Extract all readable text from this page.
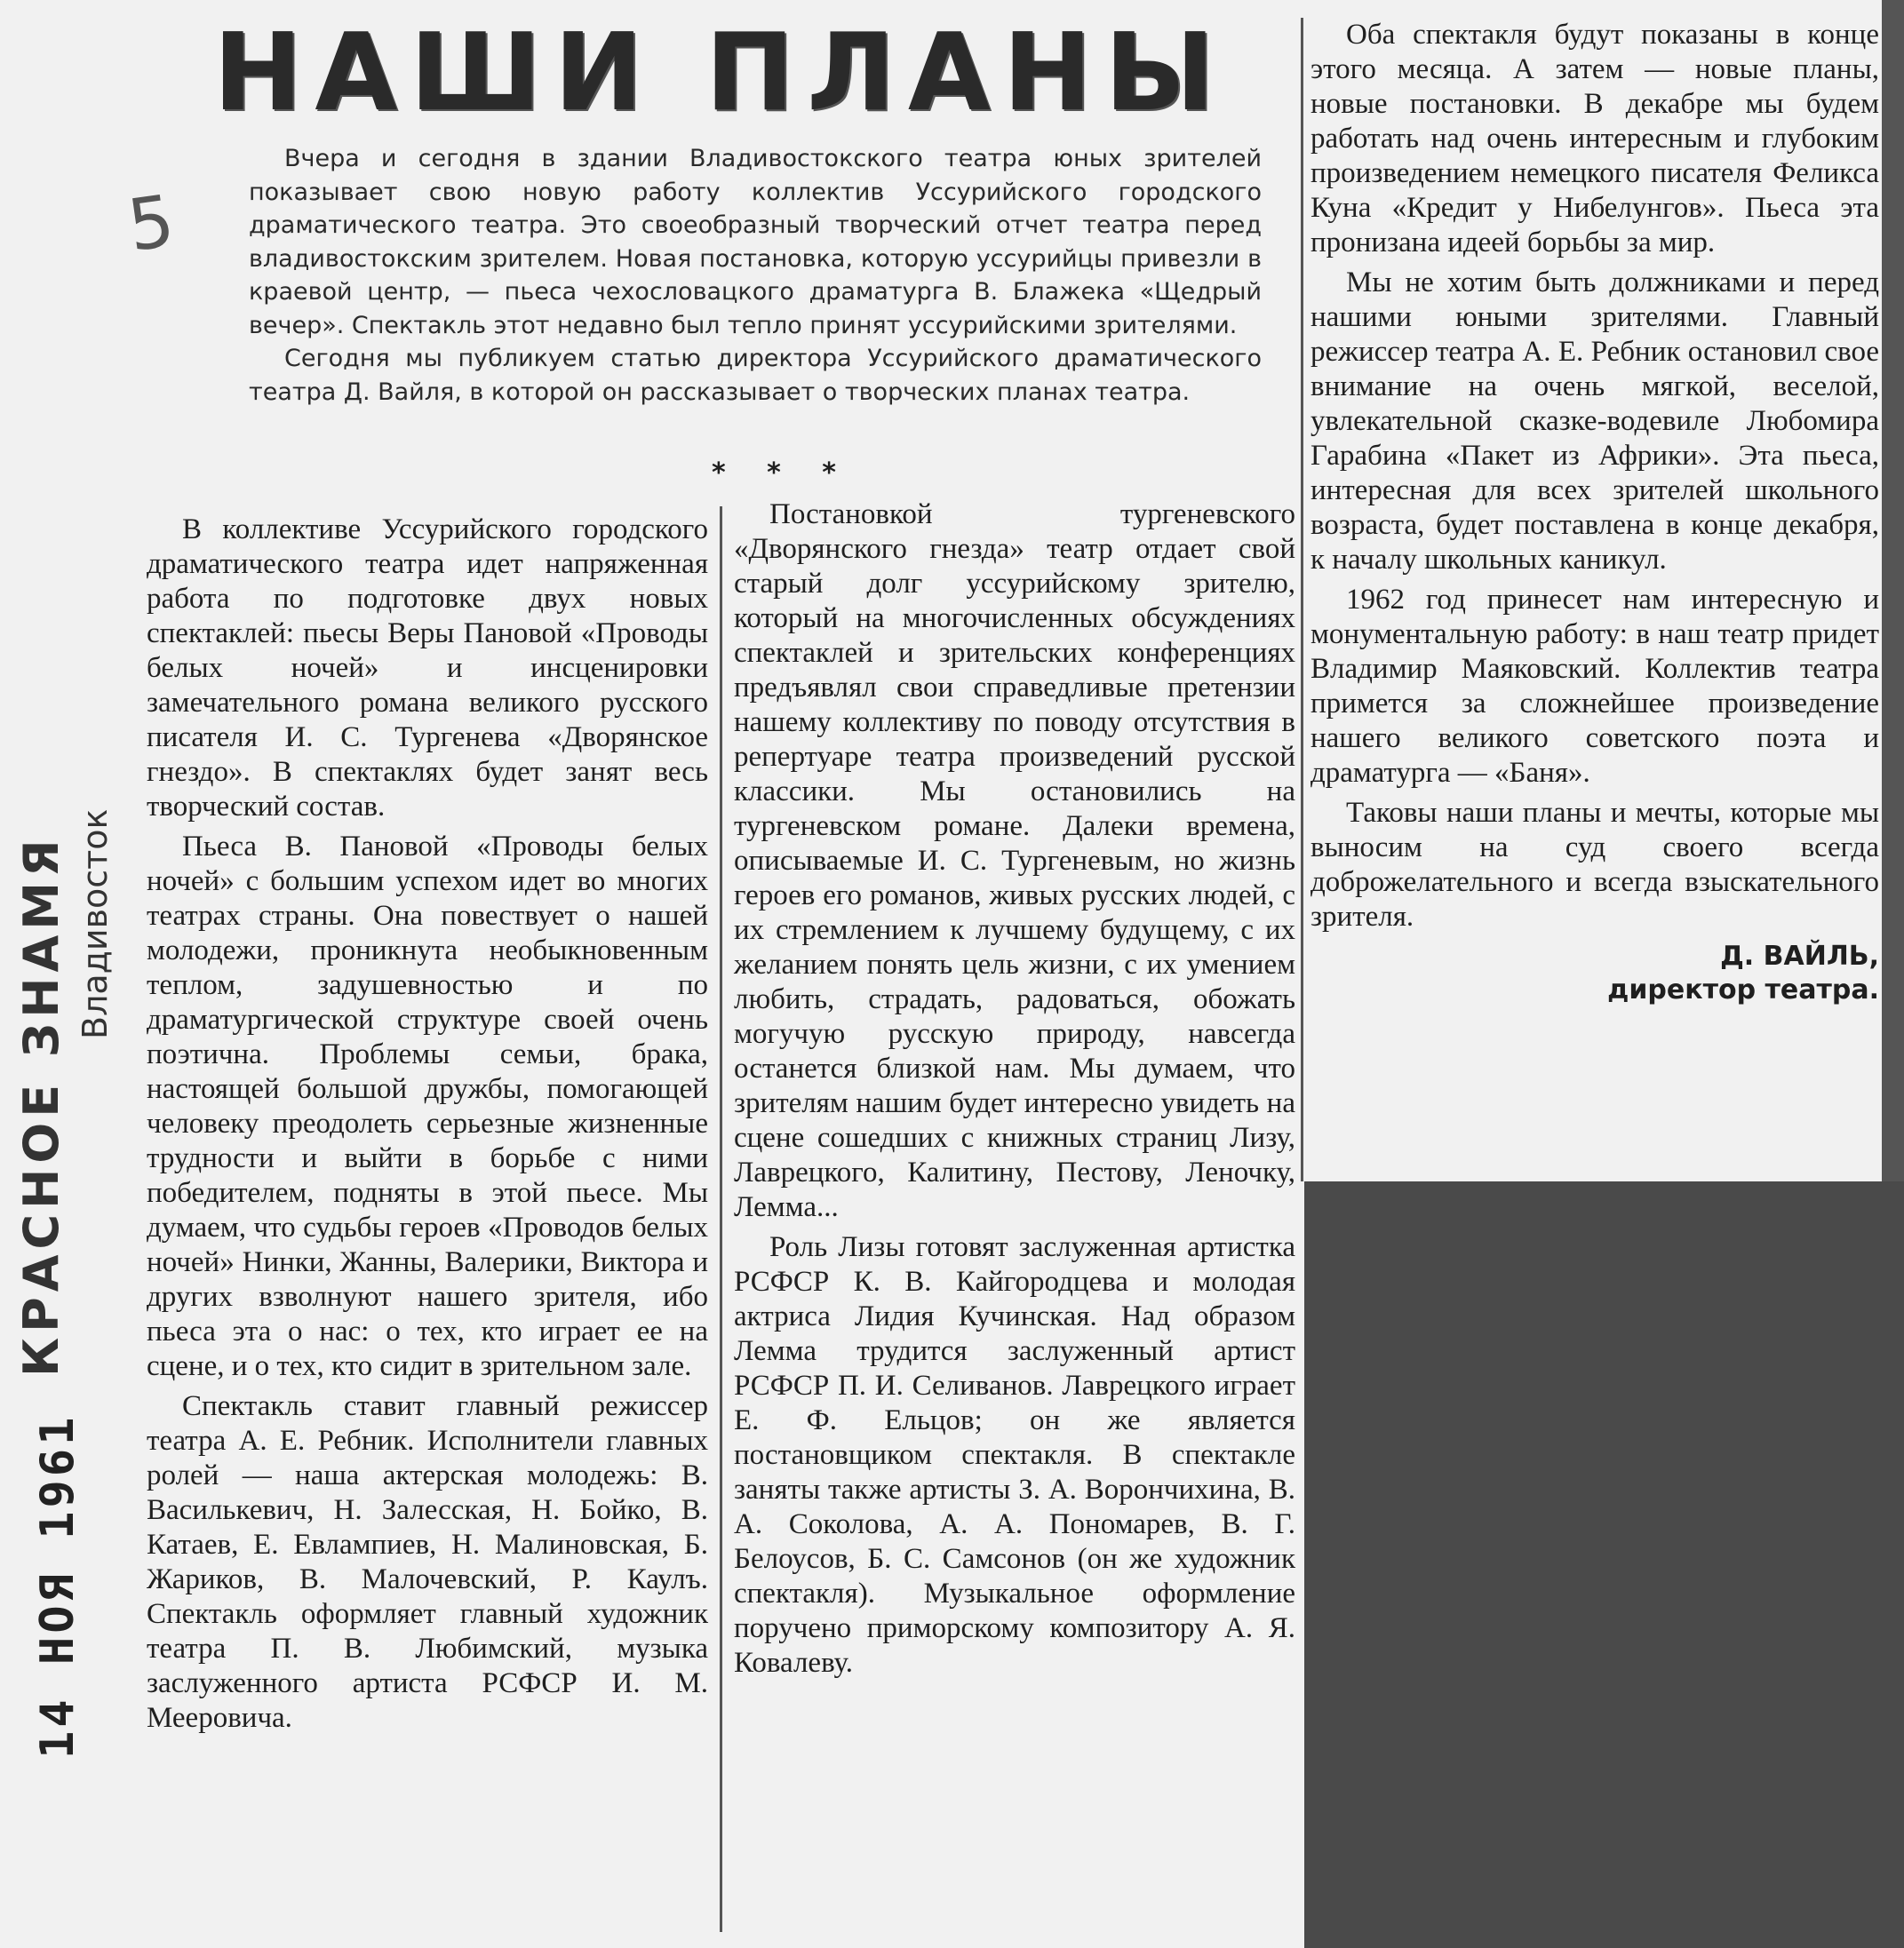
5
КРАСНОЕ ЗНАМЯ Владивосток
14 НОЯ 1961
НАШИ ПЛАНЫ

Вчера и сегодня в здании Владивостокского театра юных зрителей показывает свою новую работу коллектив Уссурийского городского драматического театра. Это своеобразный творческий отчет театра перед владивостокским зрителем. Новая постановка, которую уссурийцы привезли в краевой центр, — пьеса чехословацкого драматурга В. Блажека «Щедрый вечер». Спектакль этот недавно был тепло принят уссурийскими зрителями.

Сегодня мы публикуем статью директора Уссурийского драматического театра Д. Вайля, в которой он рассказывает о творческих планах театра.

* * *

В коллективе Уссурийского городского драматического театра идет напряженная работа по подготовке двух новых спектаклей: пьесы Веры Пановой «Проводы белых ночей» и инсценировки замечательного романа великого русского писателя И. С. Тургенева «Дворянское гнездо». В спектаклях будет занят весь творческий состав.

Пьеса В. Пановой «Проводы белых ночей» с большим успехом идет во многих театрах страны. Она повествует о нашей молодежи, проникнута необыкновенным теплом, задушевностью и по драматургической структуре своей очень поэтична. Проблемы семьи, брака, настоящей большой дружбы, помогающей человеку преодолеть серьезные жизненные трудности и выйти в борьбе с ними победителем, подняты в этой пьесе. Мы думаем, что судьбы героев «Проводов белых ночей» Нинки, Жанны, Валерики, Виктора и других взволнуют нашего зрителя, ибо пьеса эта о нас: о тех, кто играет ее на сцене, и о тех, кто сидит в зрительном зале.

Спектакль ставит главный режиссер театра А. Е. Ребник. Исполнители главных ролей — наша актерская молодежь: В. Василькевич, Н. Залесская, Н. Бойко, В. Катаев, Е. Евлампиев, Н. Малиновская, Б. Жариков, В. Малочевский, Р. Каулъ. Спектакль оформляет главный художник театра П. В. Любимский, музыка заслуженного артиста РСФСР И. М. Мееровича.

Постановкой тургеневского «Дворянского гнезда» театр отдает свой старый долг уссурийскому зрителю, который на многочисленных обсуждениях спектаклей и зрительских конференциях предъявлял свои справедливые претензии нашему коллективу по поводу отсутствия в репертуаре театра произведений русской классики. Мы остановились на тургеневском романе. Далеки времена, описываемые И. С. Тургеневым, но жизнь героев его романов, живых русских людей, с их стремлением к лучшему будущему, с их желанием понять цель жизни, с их умением любить, страдать, радоваться, обожать могучую русскую природу, навсегда останется близкой нам. Мы думаем, что зрителям нашим будет интересно увидеть на сцене сошедших с книжных страниц Лизу, Лаврецкого, Калитину, Пестову, Леночку, Лемма...

Роль Лизы готовят заслуженная артистка РСФСР К. В. Кайгородцева и молодая актриса Лидия Кучинская. Над образом Лемма трудится заслуженный артист РСФСР П. И. Селиванов. Лаврецкого играет Е. Ф. Ельцов; он же является постановщиком спектакля. В спектакле заняты также артисты З. А. Ворончихина, В. А. Соколова, А. А. Пономарев, В. Г. Белоусов, Б. С. Самсонов (он же художник спектакля). Музыкальное оформление поручено приморскому композитору А. Я. Ковалеву.

Оба спектакля будут показаны в конце этого месяца. А затем — новые планы, новые постановки. В декабре мы будем работать над очень интересным и глубоким произведением немецкого писателя Феликса Куна «Кредит у Нибелунгов». Пьеса эта пронизана идеей борьбы за мир.

Мы не хотим быть должниками и перед нашими юными зрителями. Главный режиссер театра А. Е. Ребник остановил свое внимание на очень мягкой, веселой, увлекательной сказке-водевиле Любомира Гарабина «Пакет из Африки». Эта пьеса, интересная для всех зрителей школьного возраста, будет поставлена в конце декабря, к началу школьных каникул.

1962 год принесет нам интересную и монументальную работу: в наш театр придет Владимир Маяковский. Коллектив театра примется за сложнейшее произведение нашего великого советского поэта и драматурга — «Баня».

Таковы наши планы и мечты, которые мы выносим на суд своего всегда доброжелательного и всегда взыскательного зрителя.

Д. ВАЙЛЬ,
директор театра.
